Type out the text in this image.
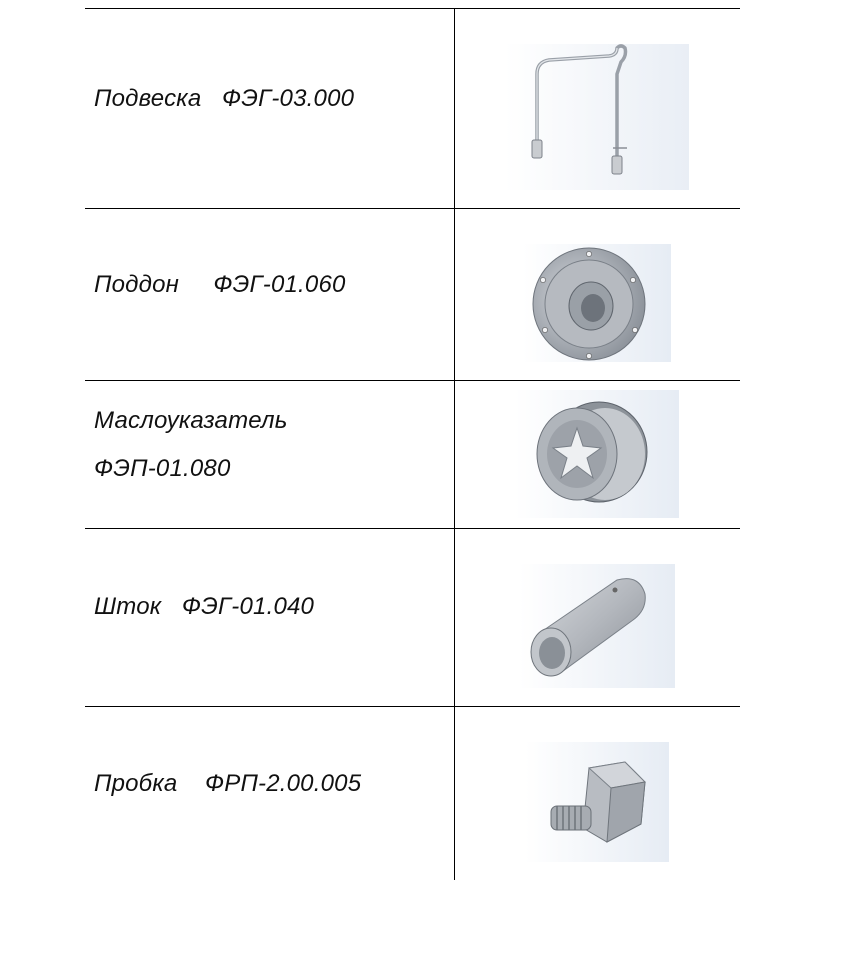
Подвеска ФЭГ-03.000
Поддон ФЭГ-01.060
Маслоуказатель
ФЭП-01.080
Шток ФЭГ-01.040
Пробка ФРП-2.00.005
